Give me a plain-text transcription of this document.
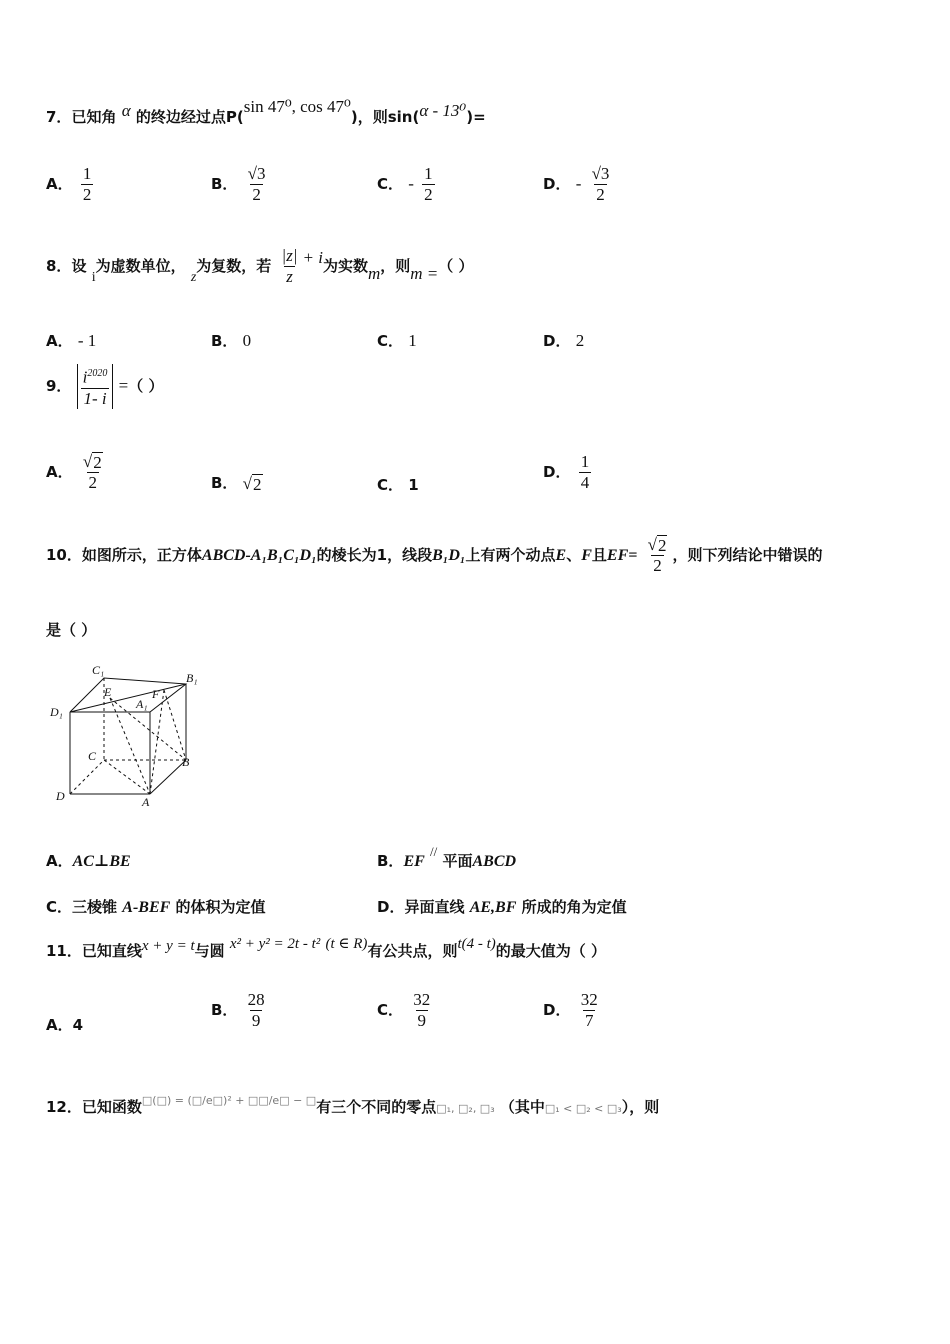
7．已知角 α 的终边经过点P(sin 47⁰, cos 47⁰)，则sin(α - 13⁰)=
A． $\frac{1}{2}$	B． $\frac{√3}{2}$	C． - $\frac{1}{2}$	D． - $\frac{√3}{2}$
8．设 i为虚数单位， z为复数，若 $\frac{|z|}{z} + i$为实数m，则m =（ ）
A． - 1	B． 0	C． 1	D． 2
9． $\frac{i^{2020}}{1- i}$ =（ ）
A． $\frac{√ 2}{2}$	B． √ 2	C． 1
D． $\frac{1}{4}$
10．如图所示，正方体ABCD-A₁B₁C₁D₁的棱长为1，线段B₁D₁上有两个动点E、F且$EF= \frac{√ 2}{2}$ ，则下列结论中错误的
是（ ）
C₁
B₁
D₁
A₁
E	F
C	B
D	A
A．AC⊥BE	B．EF // 平面ABCD
C．三棱锥 A-BEF 的体积为定值	D．异面直线 AE,BF 所成的角为定值
11．已知直线x + y = t与圆 x² + y² = 2t - t² (t ∈ R)有公共点，则t(4 - t)的最大值为（ ）
A．4
B． $\frac{28}{9}$	C． $\frac{32}{9}$	D． $\frac{32}{7}$
12．已知函数$^{□(□) = (□/e□)^2 + □□/e□ - □}$有三个不同的零点□₁, □₂, □₃ （其中□₁ < □₂ < □₃），则
